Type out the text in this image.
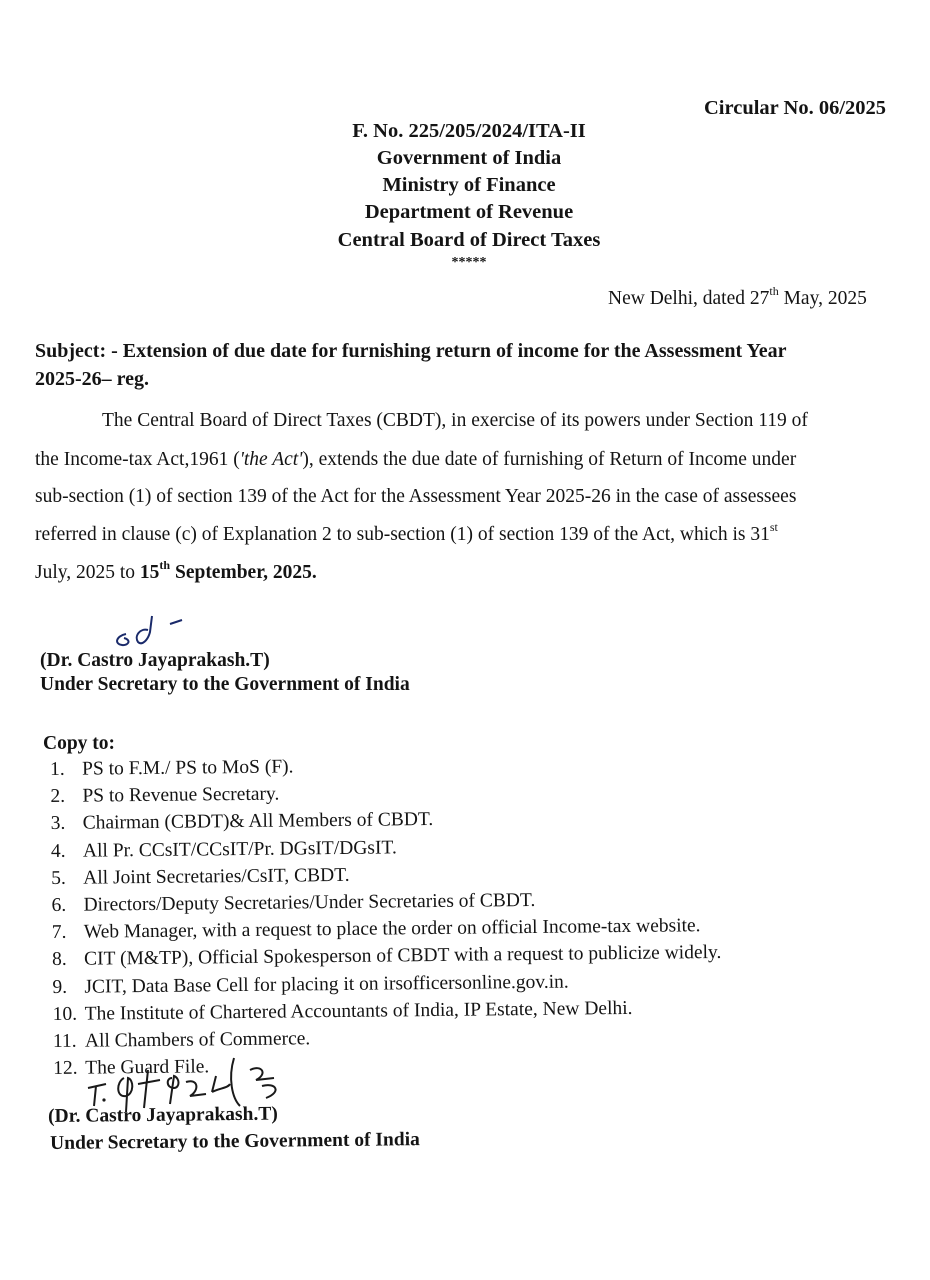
Circular No. 06/2025
F. No. 225/205/2024/ITA-II
Government of India
Ministry of Finance
Department of Revenue
Central Board of Direct Taxes
*****
New Delhi, dated 27th May, 2025
Subject: - Extension of due date for furnishing return of income for the Assessment Year
2025-26– reg.
The Central Board of Direct Taxes (CBDT), in exercise of its powers under Section 119 of
the Income-tax Act,1961 ('the Act'), extends the due date of furnishing of Return of Income under
sub-section (1) of section 139 of the Act for the Assessment Year 2025-26 in the case of assessees
referred in clause (c) of Explanation 2 to sub-section (1) of section 139 of the Act, which is 31st
July, 2025 to 15th September, 2025.
(Dr. Castro Jayaprakash.T)
Under Secretary to the Government of India
Copy to:
1. PS to F.M./ PS to MoS (F).
2. PS to Revenue Secretary.
3. Chairman (CBDT)& All Members of CBDT.
4. All Pr. CCsIT/CCsIT/Pr. DGsIT/DGsIT.
5. All Joint Secretaries/CsIT, CBDT.
6. Directors/Deputy Secretaries/Under Secretaries of CBDT.
7. Web Manager, with a request to place the order on official Income-tax website.
8. CIT (M&TP), Official Spokesperson of CBDT with a request to publicize widely.
9. JCIT, Data Base Cell for placing it on irsofficersonline.gov.in.
10. The Institute of Chartered Accountants of India, IP Estate, New Delhi.
11. All Chambers of Commerce.
12. The Guard File.
(Dr. Castro Jayaprakash.T)
Under Secretary to the Government of India
